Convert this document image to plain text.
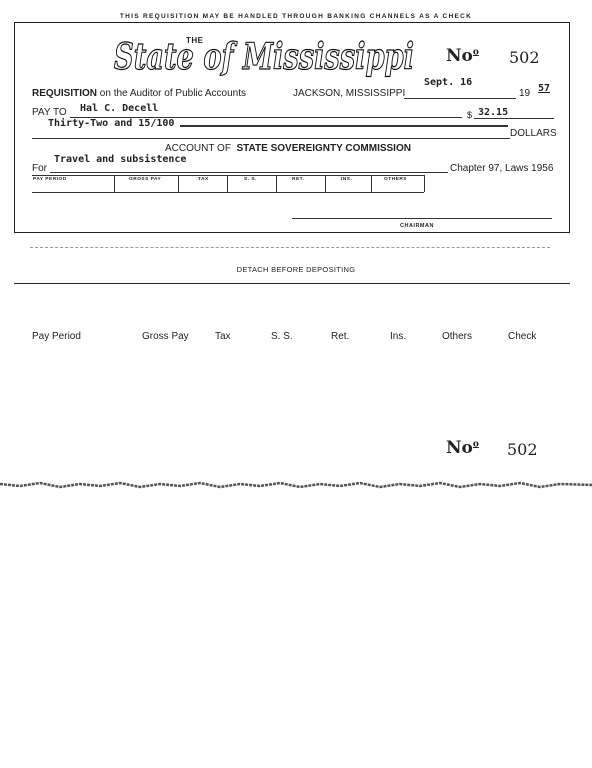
THIS REQUISITION MAY BE HANDLED THROUGH BANKING CHANNELS AS A CHECK
THE
State of Mississippi No$^o$ 502
REQUISITION on the Auditor of Public Accounts	JACKSON, MISSISSIPPI
Sept. 16
19 57
PAY TO Hal C. Decell
$ 32.15
Thirty-Two and 15/100
DOLLARS
ACCOUNT OF STATE SOVEREIGNTY COMMISSION
For
Travel and subsistence
Chapter 97, Laws 1956
PAY PERIOD	GROSS PAY	TAX	S. S.	RET.	INS.	OTHERS
CHAIRMAN
DETACH BEFORE DEPOSITING
Pay Period	Gross Pay	Tax	S. S.	Ret.	Ins.	Others	Check
No$^o$ 502
